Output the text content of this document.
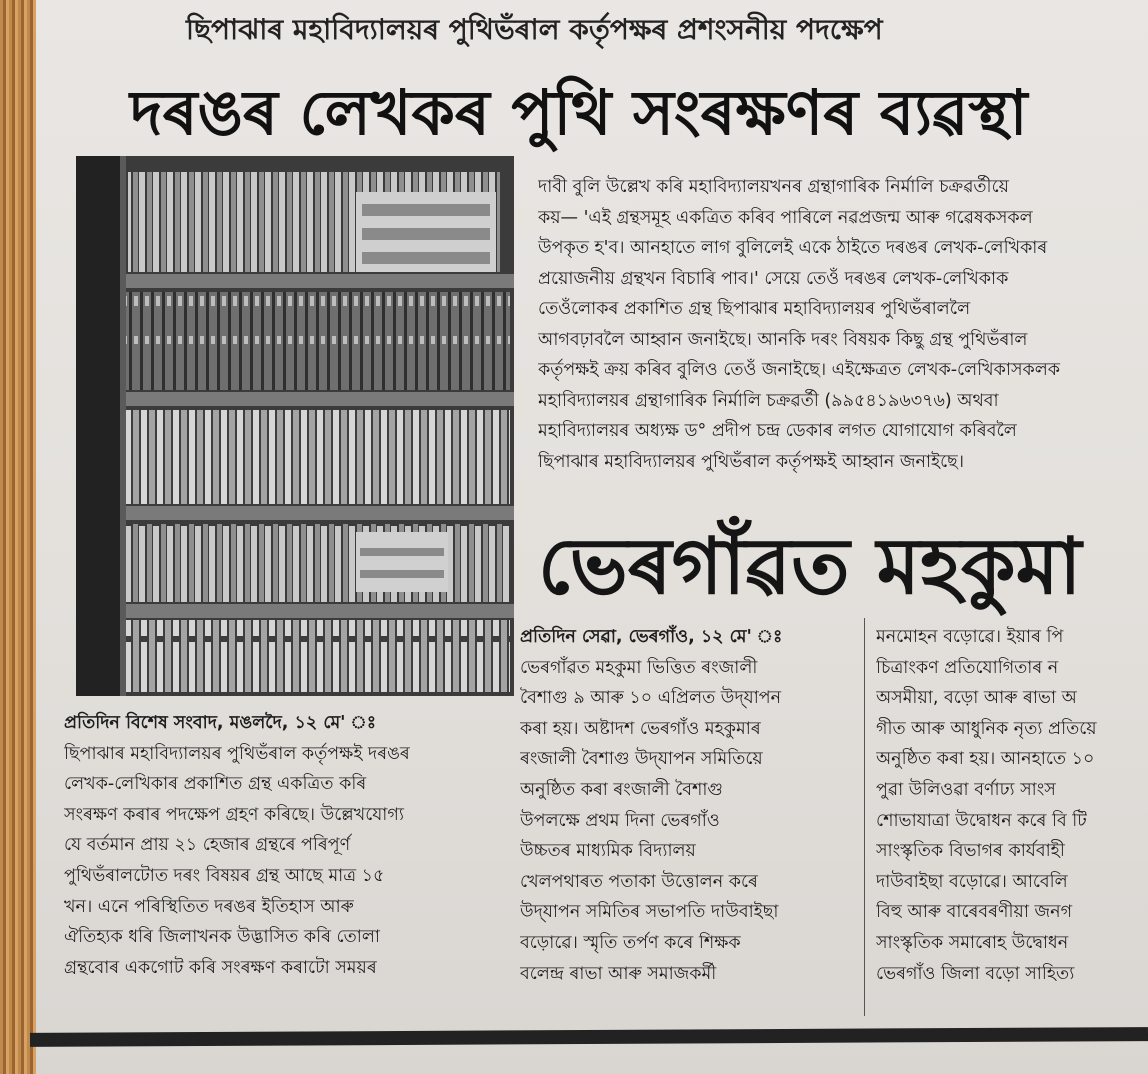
ছিপাঝাৰ মহাবিদ্যালয়ৰ পুথিভঁৰাল কৰ্তৃপক্ষৰ প্ৰশংসনীয় পদক্ষেপ
দৰঙৰ লেখকৰ পুথি সংৰক্ষণৰ ব্যৱস্থা
দাবী বুলি উল্লেখ কৰি মহাবিদ্যালয়খনৰ গ্ৰন্থাগাৰিক নিৰ্মালি চক্ৰৱৰ্তীয়ে
কয়— 'এই গ্ৰন্থসমূহ একত্ৰিত কৰিব পাৰিলে নৱপ্ৰজন্ম আৰু গৱেষকসকল
উপকৃত হ'ব। আনহাতে লাগ বুলিলেই একে ঠাইতে দৰঙৰ লেখক-লেখিকাৰ
প্ৰয়োজনীয় গ্ৰন্থখন বিচাৰি পাব।' সেয়ে তেওঁ দৰঙৰ লেখক-লেখিকাক
তেওঁলোকৰ প্ৰকাশিত গ্ৰন্থ ছিপাঝাৰ মহাবিদ্যালয়ৰ পুথিভঁৰাললৈ
আগবঢ়াবলৈ আহ্বান জনাইছে। আনকি দৰং বিষয়ক কিছু গ্ৰন্থ পুথিভঁৰাল
কৰ্তৃপক্ষই ক্ৰয় কৰিব বুলিও তেওঁ জনাইছে। এইক্ষেত্ৰত লেখক-লেখিকাসকলক
মহাবিদ্যালয়ৰ গ্ৰন্থাগাৰিক নিৰ্মালি চক্ৰৱৰ্তী (৯৯৫৪১৯৬৩৭৬) অথবা
মহাবিদ্যালয়ৰ অধ্যক্ষ ড° প্ৰদীপ চন্দ্ৰ ডেকাৰ লগত যোগাযোগ কৰিবলৈ
ছিপাঝাৰ মহাবিদ্যালয়ৰ পুথিভঁৰাল কৰ্তৃপক্ষই আহ্বান জনাইছে।
প্ৰতিদিন বিশেষ সংবাদ, মঙলদৈ, ১২ মে' ঃ
ছিপাঝাৰ মহাবিদ্যালয়ৰ পুথিভঁৰাল কৰ্তৃপক্ষই দৰঙৰ
লেখক-লেখিকাৰ প্ৰকাশিত গ্ৰন্থ একত্ৰিত কৰি
সংৰক্ষণ কৰাৰ পদক্ষেপ গ্ৰহণ কৰিছে। উল্লেখযোগ্য
যে বৰ্তমান প্ৰায় ২১ হেজাৰ গ্ৰন্থৰে পৰিপূৰ্ণ
পুথিভঁৰালটোত দৰং বিষয়ৰ গ্ৰন্থ আছে মাত্ৰ ১৫
খন। এনে পৰিস্থিতিত দৰঙৰ ইতিহাস আৰু
ঐতিহ্যক ধৰি জিলাখনক উদ্ভাসিত কৰি তোলা
গ্ৰন্থবোৰ একগোট কৰি সংৰক্ষণ কৰাটো সময়ৰ
ভেৰগাঁৱত মহকুমা
প্ৰতিদিন সেৱা, ভেৰগাঁও, ১২ মে' ঃ
ভেৰগাঁৱত মহকুমা ভিত্তিত ৰংজালী
বৈশাগু ৯ আৰু ১০ এপ্ৰিলত উদ্‌যাপন
কৰা হয়। অষ্টাদশ ভেৰগাঁও মহকুমাৰ
ৰংজালী বৈশাগু উদ্‌যাপন সমিতিয়ে
অনুষ্ঠিত কৰা ৰংজালী বৈশাগু
উপলক্ষে প্ৰথম দিনা ভেৰগাঁও
উচ্চতৰ মাধ্যমিক বিদ্যালয়
খেলপথাৰত পতাকা উত্তোলন কৰে
উদ্‌যাপন সমিতিৰ সভাপতি দাউবাইছা
বড়োৱে। স্মৃতি তৰ্পণ কৰে শিক্ষক
বলেন্দ্ৰ ৰাভা আৰু সমাজকৰ্মী
মনমোহন বড়োৱে। ইয়াৰ পি
চিত্ৰাংকণ প্ৰতিযোগিতাৰ ন
অসমীয়া, বড়ো আৰু ৰাভা অ
গীত আৰু আধুনিক নৃত্য প্ৰতিয়ে
অনুষ্ঠিত কৰা হয়। আনহাতে ১০
পুৱা উলিওৱা বৰ্ণাঢ্য সাংস
শোভাযাত্ৰা উদ্বোধন কৰে বি টি
সাংস্কৃতিক বিভাগৰ কাৰ্যবাহী
দাউবাইছা বড়োৱে। আবেলি
বিহু আৰু বাৰেবৰণীয়া জনগ
সাংস্কৃতিক সমাৰোহ উদ্বোধন
ভেৰগাঁও জিলা বড়ো সাহিত্য
